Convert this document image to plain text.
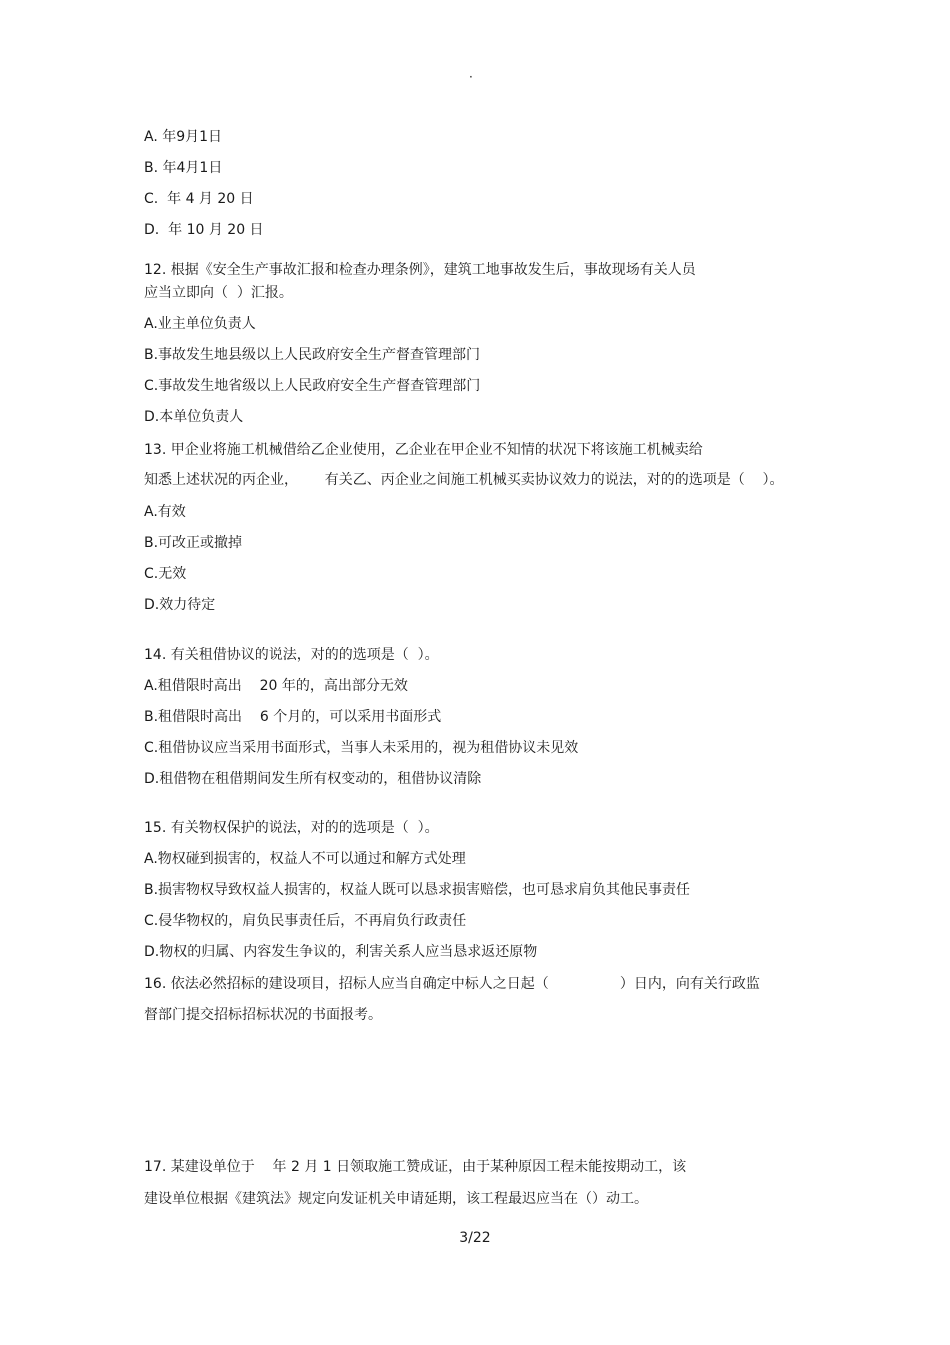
·
A. 年9月1日
B. 年4月1日
C.  年 4 月 20 日
D.  年 10 月 20 日
12. 根据《安全生产事故汇报和检查办理条例》，建筑工地事故发生后，事故现场有关人员
应当立即向（  ）汇报。
A.业主单位负责人
B.事故发生地县级以上人民政府安全生产督查管理部门
C.事故发生地省级以上人民政府安全生产督查管理部门
D.本单位负责人
13. 甲企业将施工机械借给乙企业使用，乙企业在甲企业不知情的状况下将该施工机械卖给
知悉上述状况的丙企业，      有关乙、丙企业之间施工机械买卖协议效力的说法，对的的选项是（    ）。
A.有效
B.可改正或撤掉
C.无效
D.效力待定
14. 有关租借协议的说法，对的的选项是（  ）。
A.租借限时高出    20 年的，高出部分无效
B.租借限时高出    6 个月的，可以采用书面形式
C.租借协议应当采用书面形式，当事人未采用的，视为租借协议未见效
D.租借物在租借期间发生所有权变动的，租借协议清除
15. 有关物权保护的说法，对的的选项是（  ）。
A.物权碰到损害的，权益人不可以通过和解方式处理
B.损害物权导致权益人损害的，权益人既可以恳求损害赔偿，也可恳求肩负其他民事责任
C.侵华物权的，肩负民事责任后，不再肩负行政责任
D.物权的归属、内容发生争议的，利害关系人应当恳求返还原物
16. 依法必然招标的建设项目，招标人应当自确定中标人之日起（                ）日内，向有关行政监
督部门提交招标招标状况的书面报考。
17. 某建设单位于    年 2 月 1 日领取施工赞成证，由于某种原因工程未能按期动工，该
建设单位根据《建筑法》规定向发证机关申请延期，该工程最迟应当在（）动工。
3/22
